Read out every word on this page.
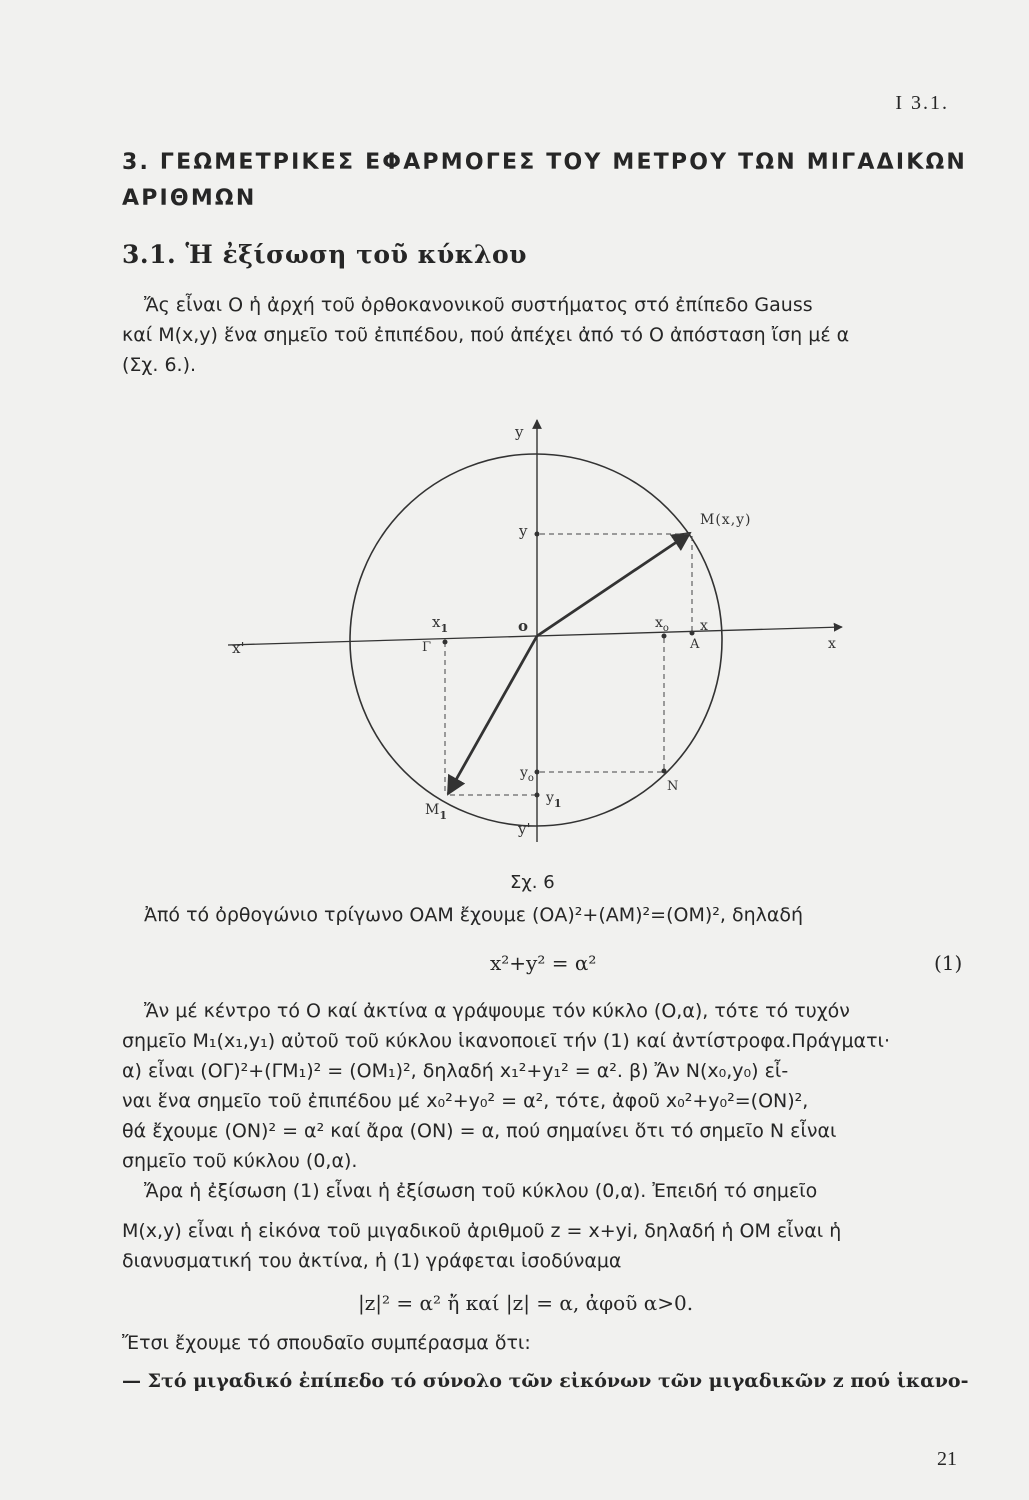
Ι 3.1.
3. ΓΕΩΜΕΤΡΙΚΕΣ ΕΦΑΡΜΟΓΕΣ ΤΟΥ ΜΕΤΡΟΥ ΤΩΝ ΜΙΓΑΔΙΚΩΝ
ΑΡΙΘΜΩΝ
3.1. Ἡ ἐξίσωση τοῦ κύκλου
Ἄς εἶναι Ο ἡ ἀρχή τοῦ ὀρθοκανονικοῦ συστήματος στό ἐπίπεδο Gauss
καί M(x,y) ἕνα σημεῖο τοῦ ἐπιπέδου, πού ἀπέχει ἀπό τό Ο ἀπόσταση ἴση μέ α
(Σχ. 6.).
y
y'
x
x'
o
M(x,y)
y
x
A
$x_1$
Γ
$x_o$
$y_o$
$y_1$
N
$M_1$
Σχ. 6
Ἀπό τό ὀρθογώνιο τρίγωνο ΟΑΜ ἔχουμε (ΟΑ)²+(ΑΜ)²=(ΟΜ)², δηλαδή
x²+y² = α²	(1)
Ἄν μέ κέντρο τό Ο καί ἀκτίνα α γράψουμε τόν κύκλο (Ο,α), τότε τό τυχόν
σημεῖο M₁(x₁,y₁) αὐτοῦ τοῦ κύκλου ἱκανοποιεῖ τήν (1) καί ἀντίστροφα.Πράγματι·
α) εἶναι (ΟΓ)²+(ΓΜ₁)² = (ΟΜ₁)², δηλαδή x₁²+y₁² = α². β) Ἄν N(x₀,y₀) εἶ-
ναι ἕνα σημεῖο τοῦ ἐπιπέδου μέ x₀²+y₀² = α², τότε, ἀφοῦ x₀²+y₀²=(ΟΝ)²,
θά ἔχουμε (ΟΝ)² = α² καί ἄρα (ΟΝ) = α, πού σημαίνει ὅτι τό σημεῖο Ν εἶναι
σημεῖο τοῦ κύκλου (0,α).
Ἄρα ἡ ἐξίσωση (1) εἶναι ἡ ἐξίσωση τοῦ κύκλου (0,α). Ἐπειδή τό σημεῖο
M(x,y) εἶναι ἡ εἰκόνα τοῦ μιγαδικοῦ ἀριθμοῦ z = x+yi, δηλαδή ἡ ΟΜ εἶναι ἡ
διανυσματική του ἀκτίνα, ἡ (1) γράφεται ἰσοδύναμα
|z|² = α² ἤ καί |z| = α, ἀφοῦ α>0.
Ἔτσι ἔχουμε τό σπουδαῖο συμπέρασμα ὅτι:
— Στό μιγαδικό ἐπίπεδο τό σύνολο τῶν εἰκόνων τῶν μιγαδικῶν z πού ἱκανο-
21
